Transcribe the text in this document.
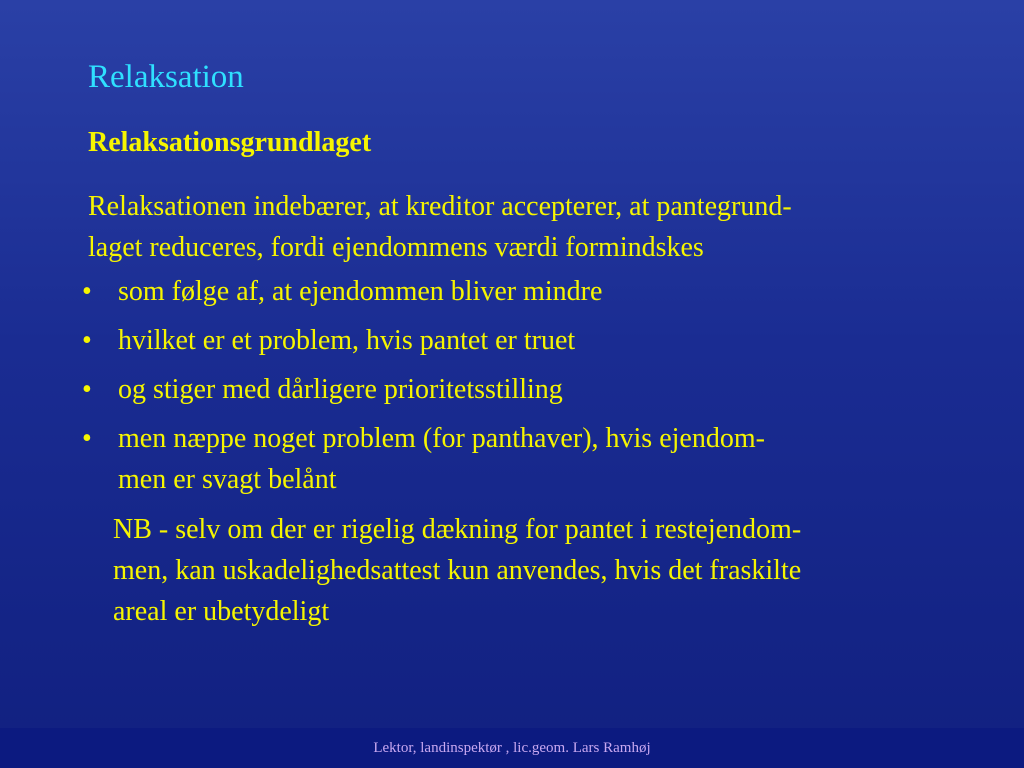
Relaksation
Relaksationsgrundlaget
Relaksationen indebærer, at kreditor accepterer, at pantegrund-
laget reduceres, fordi ejendommens værdi formindskes
• som følge af, at ejendommen bliver mindre
• hvilket er et problem, hvis pantet er truet
• og stiger med dårligere prioritetsstilling
• men næppe noget problem (for panthaver), hvis ejendom-
men er svagt belånt
NB - selv om der er rigelig dækning for pantet i restejendom-
men, kan uskadelighedsattest kun anvendes, hvis det fraskilte
areal er ubetydeligt
Lektor, landinspektør , lic.geom. Lars Ramhøj
